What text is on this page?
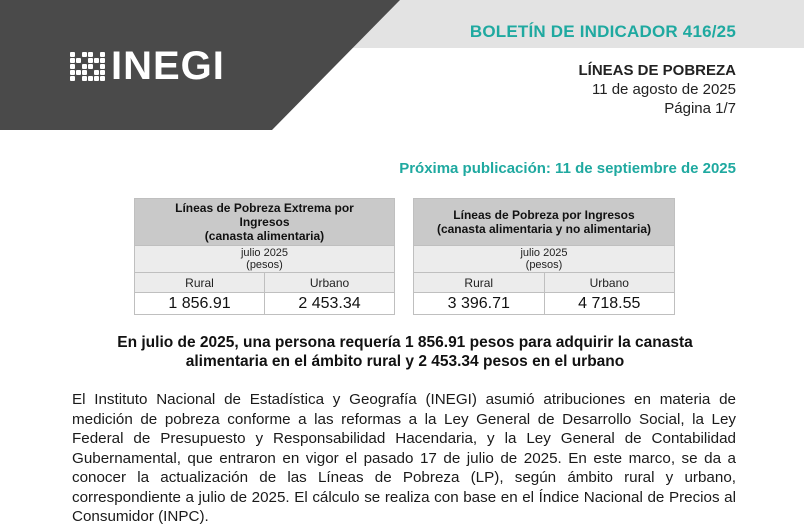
INEGI
BOLETÍN DE INDICADOR 416/25
LÍNEAS DE POBREZA
11 de agosto de 2025
Página 1/7
Próxima publicación: 11 de septiembre de 2025
Líneas de Pobreza Extrema por
Ingresos
(canasta alimentaria)	

julio 2025
(pesos)	

Rural	Urbano
1 856.91	2 453.34
Líneas de Pobreza por Ingresos
(canasta alimentaria y no alimentaria)	

julio 2025
(pesos)	

Rural	Urbano
3 396.71	4 718.55
En julio de 2025, una persona requería 1 856.91 pesos para adquirir la canasta
alimentaria en el ámbito rural y 2 453.34 pesos en el urbano

El Instituto Nacional de Estadística y Geografía (INEGI) asumió atribuciones en materia de medición de pobreza conforme a las reformas a la Ley General de Desarrollo Social, la Ley Federal de Presupuesto y Responsabilidad Hacendaria, y la Ley General de Contabilidad Gubernamental, que entraron en vigor el pasado 17 de julio de 2025. En este marco, se da a conocer la actualización de las Líneas de Pobreza (LP), según ámbito rural y urbano, correspondiente a julio de 2025. El cálculo se realiza con base en el Índice Nacional de Precios al Consumidor (INPC).
